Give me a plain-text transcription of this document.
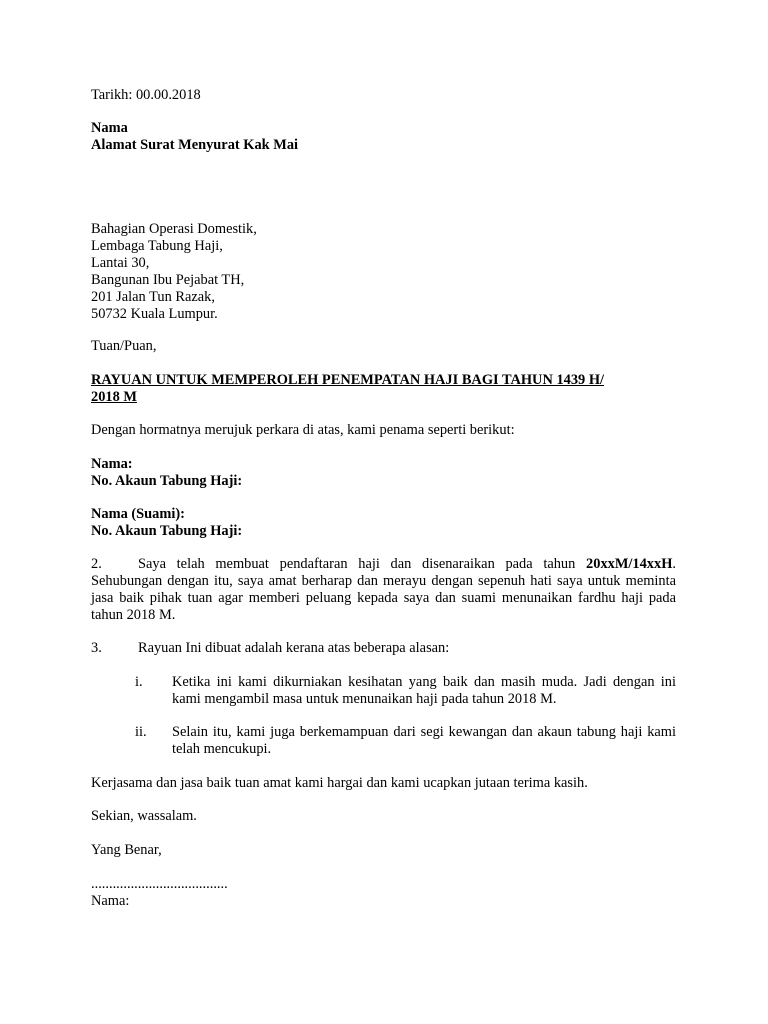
Tarikh: 00.00.2018

Nama
Alamat Surat Menyurat Kak Mai
Bahagian Operasi Domestik,
Lembaga Tabung Haji,
Lantai 30,
Bangunan Ibu Pejabat TH,
201 Jalan Tun Razak,
50732 Kuala Lumpur.

Tuan/Puan,

RAYUAN UNTUK MEMPEROLEH PENEMPATAN HAJI BAGI TAHUN 1439 H/
2018 M

Dengan hormatnya merujuk perkara di atas, kami penama seperti berikut:

Nama:
No. Akaun Tabung Haji:
Nama (Suami):
No. Akaun Tabung Haji:

2.	Saya telah membuat pendaftaran haji dan disenaraikan pada tahun 20xxM/14xxH. Sehubungan dengan itu, saya amat berharap dan merayu dengan sepenuh hati saya untuk meminta jasa baik pihak tuan agar memberi peluang kepada saya dan suami menunaikan fardhu haji pada tahun 2018 M.

3.	Rayuan Ini dibuat adalah kerana atas beberapa alasan:

i. Ketika ini kami dikurniakan kesihatan yang baik dan masih muda. Jadi dengan ini kami mengambil masa untuk menunaikan haji pada tahun 2018 M.
ii. Selain itu, kami juga berkemampuan dari segi kewangan dan akaun tabung haji kami telah mencukupi.

Kerjasama dan jasa baik tuan amat kami hargai dan kami ucapkan jutaan terima kasih.

Sekian, wassalam.

Yang Benar,

......................................
Nama:
